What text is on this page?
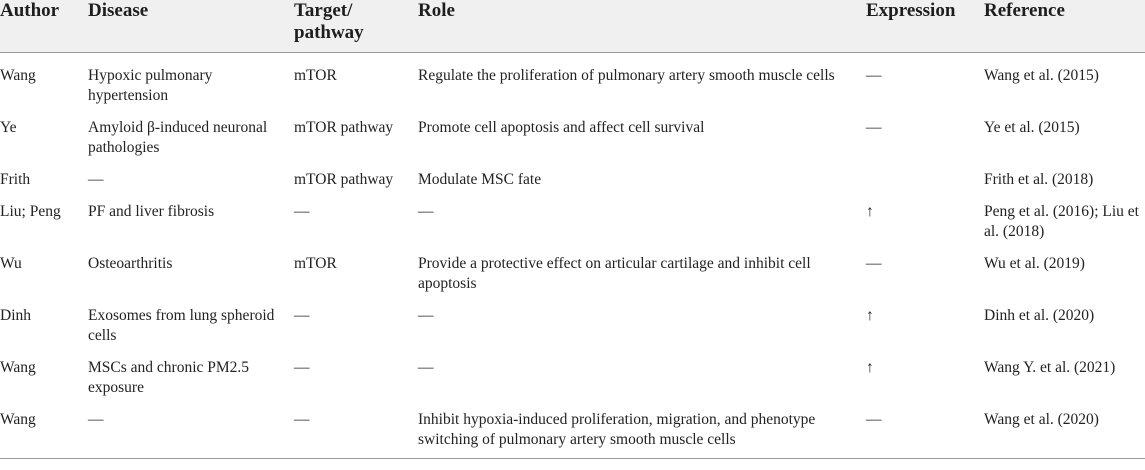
Author	Disease	Target/ pathway	Role	Expression	Reference
Wang	Hypoxic pulmonary hypertension	mTOR	Regulate the proliferation of pulmonary artery smooth muscle cells	—	Wang et al. (2015)
Ye	Amyloid β-induced neuronal pathologies	mTOR pathway	Promote cell apoptosis and affect cell survival	—	Ye et al. (2015)
Frith	—	mTOR pathway	Modulate MSC fate		Frith et al. (2018)
Liu; Peng	PF and liver fibrosis	—	—	↑	Peng et al. (2016); Liu et al. (2018)
Wu	Osteoarthritis	mTOR	Provide a protective effect on articular cartilage and inhibit cell apoptosis	—	Wu et al. (2019)
Dinh	Exosomes from lung spheroid cells	—	—	↑	Dinh et al. (2020)
Wang	MSCs and chronic PM2.5 exposure	—	—	↑	Wang Y. et al. (2021)
Wang	—	—	Inhibit hypoxia-induced proliferation, migration, and phenotype switching of pulmonary artery smooth muscle cells	—	Wang et al. (2020)
